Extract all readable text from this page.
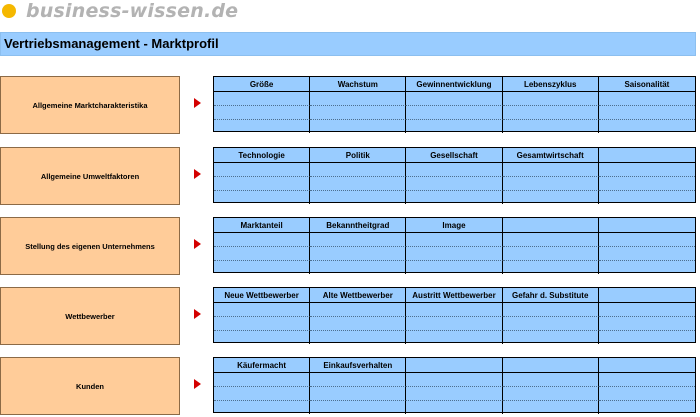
business-wissen.de
Vertriebsmanagement - Marktprofil
Allgemeine Marktcharakteristika
Größe	Wachstum	Gewinnentwicklung	Lebenszyklus	Saisonalität
Allgemeine Umweltfaktoren
Technologie	Politik	Gesellschaft	Gesamtwirtschaft
Stellung des eigenen Unternehmens
Marktanteil	Bekanntheitgrad	Image
Wettbewerber
Neue Wettbewerber	Alte Wettbewerber	Austritt Wettbewerber	Gefahr d. Substitute
Kunden
Käufermacht	Einkaufsverhalten
